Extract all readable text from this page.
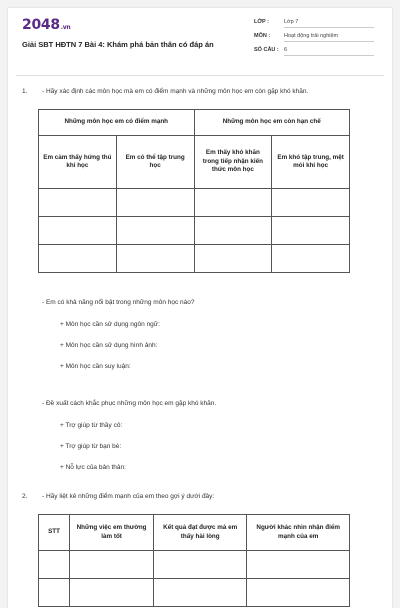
2048.vn
Giải SBT HĐTN 7 Bài 4: Khám phá bản thân có đáp án
LỚP :	Lớp 7
MÔN :	Hoạt động trải nghiệm
SỐ CÂU : 6
1. - Hãy xác định các môn học mà em có điểm mạnh và những môn học em còn gặp khó khăn.
Những môn học em có điểm mạnh		Những môn học em còn hạn chế	
Em cảm thấy hứng thú khi học	Em có thể tập trung học	Em thấy khó khăn trong tiếp nhận kiến thức môn học	Em khó tập trung, mệt mỏi khi học

- Em có khả năng nổi bật trong những môn học nào?
+ Môn học cần sử dụng ngôn ngữ:
+ Môn học cần sử dụng hình ảnh:
+ Môn học cần suy luận:
- Đề xuất cách khắc phục những môn học em gặp khó khăn.
+ Trợ giúp từ thầy cô:
+ Trợ giúp từ bạn bè:
+ Nỗ lực của bản thân:
2. - Hãy liệt kê những điểm mạnh của em theo gợi ý dưới đây:
STT	Những việc em thường làm tốt	Kết quả đạt được mà em thấy hài lòng	Người khác nhìn nhận điểm mạnh của em
